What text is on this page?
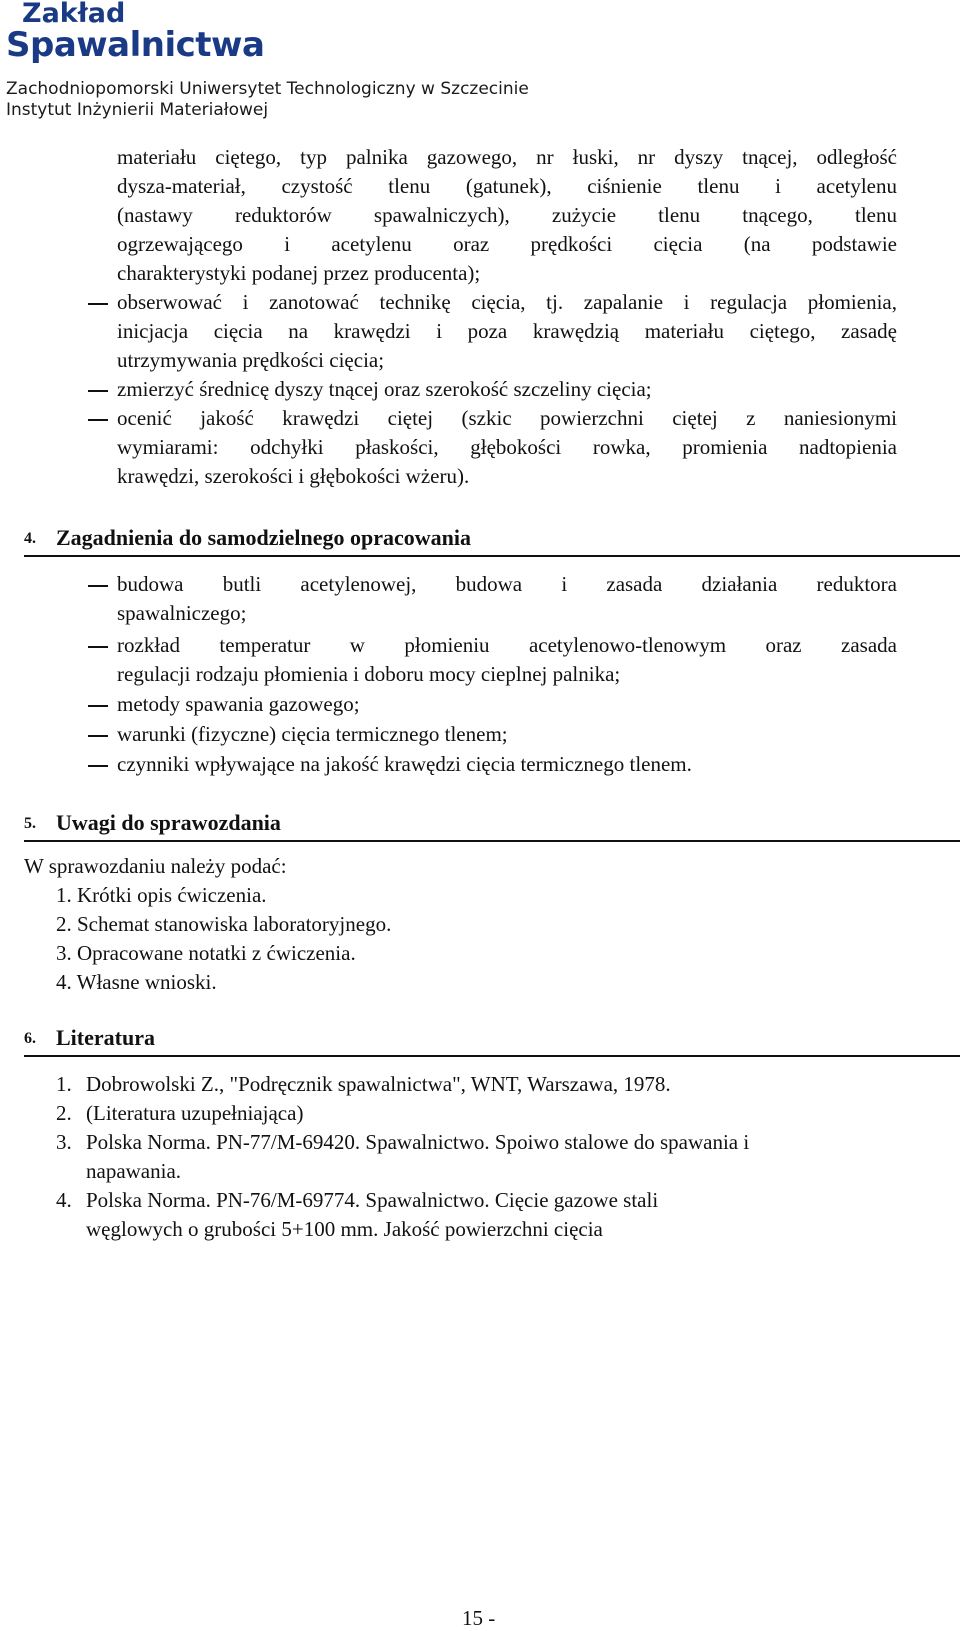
Zakład
Spawalnictwa
Zachodniopomorski Uniwersytet Technologiczny w Szczecinie
Instytut Inżynierii Materiałowej
materiału ciętego, typ palnika gazowego, nr łuski, nr dyszy tnącej, odległość
dysza-materiał, czystość tlenu (gatunek), ciśnienie tlenu i acetylenu
(nastawy reduktorów spawalniczych), zużycie tlenu tnącego, tlenu
ogrzewającego i acetylenu oraz prędkości cięcia (na podstawie
charakterystyki podanej przez producenta);
obserwować i zanotować technikę cięcia, tj. zapalanie i regulacja płomienia,
inicjacja cięcia na krawędzi i poza krawędzią materiału ciętego, zasadę
utrzymywania prędkości cięcia;
zmierzyć średnicę dyszy tnącej oraz szerokość szczeliny cięcia;
ocenić jakość krawędzi ciętej (szkic powierzchni ciętej z naniesionymi
wymiarami: odchyłki płaskości, głębokości rowka, promienia nadtopienia
krawędzi, szerokości i głębokości wżeru).
4. Zagadnienia do samodzielnego opracowania
budowa butli acetylenowej, budowa i zasada działania reduktora
spawalniczego;
rozkład temperatur w płomieniu acetylenowo-tlenowym oraz zasada
regulacji rodzaju płomienia i doboru mocy cieplnej palnika;
metody spawania gazowego;
warunki (fizyczne) cięcia termicznego tlenem;
czynniki wpływające na jakość krawędzi cięcia termicznego tlenem.
5. Uwagi do sprawozdania
W sprawozdaniu należy podać:
1. Krótki opis ćwiczenia.
2. Schemat stanowiska laboratoryjnego.
3. Opracowane notatki z ćwiczenia.
4. Własne wnioski.
6. Literatura
1. Dobrowolski Z., "Podręcznik spawalnictwa", WNT, Warszawa, 1978.
2. (Literatura uzupełniająca)
3. Polska Norma. PN-77/M-69420. Spawalnictwo. Spoiwo stalowe do spawania i
napawania.
4. Polska Norma. PN-76/M-69774. Spawalnictwo. Cięcie gazowe stali
węglowych o grubości 5+100 mm. Jakość powierzchni cięcia
15 -
